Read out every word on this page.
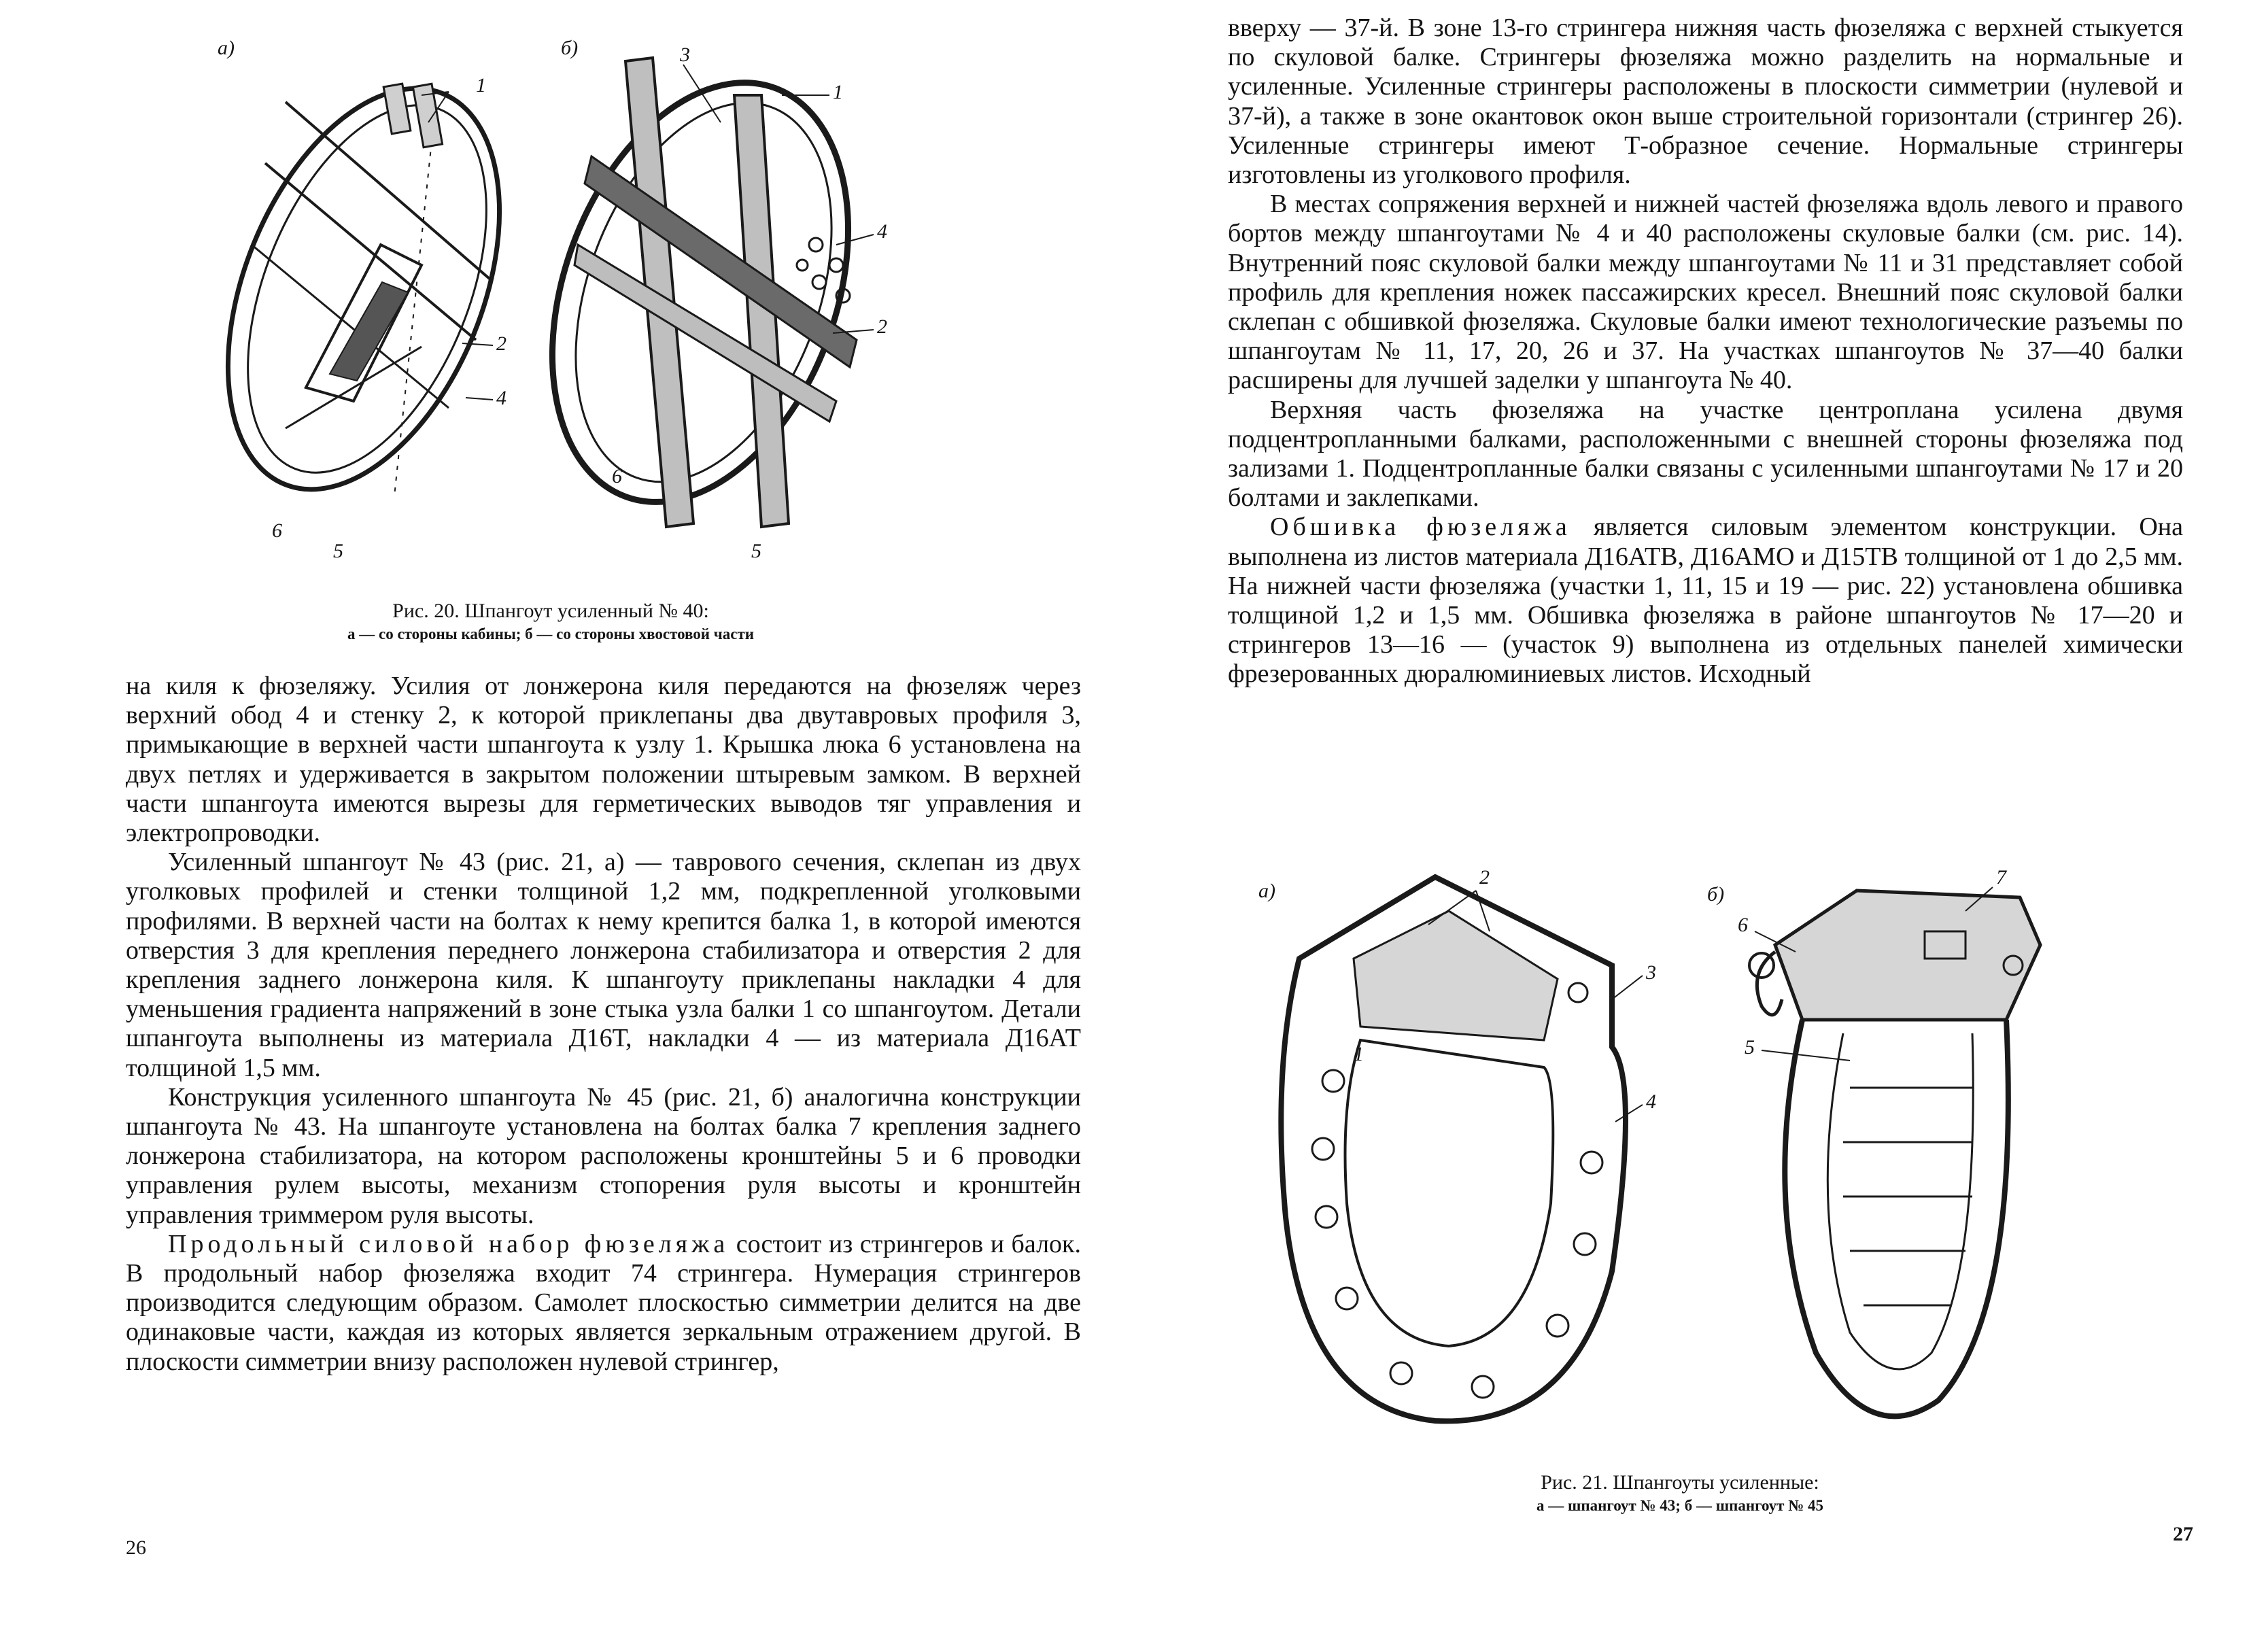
a)
1
2
4
6
5
б)	3
1
4
2
6
5
Рис. 20. Шпангоут усиленный № 40:
а — со стороны кабины; б — со стороны хвостовой части

на киля к фюзеляжу. Усилия от лонжерона киля передаются на фюзеляж через верхний обод 4 и стенку 2, к которой приклепаны два двутавровых профиля 3, примыкающие в верхней части шпангоута к узлу 1. Крышка люка 6 установлена на двух петлях и удерживается в закрытом положении штыревым замком. В верхней части шпангоута имеются вырезы для герметических выводов тяг управления и электропроводки.

Усиленный шпангоут № 43 (рис. 21, а) — таврового сечения, склепан из двух уголковых профилей и стенки толщиной 1,2 мм, подкрепленной уголковыми профилями. В верхней части на болтах к нему крепится балка 1, в которой имеются отверстия 3 для крепления переднего лонжерона стабилизатора и отверстия 2 для крепления заднего лонжерона киля. К шпангоуту приклепаны накладки 4 для уменьшения градиента напряжений в зоне стыка узла балки 1 со шпангоутом. Детали шпангоута выполнены из материала Д16Т, накладки 4 — из материала Д16АТ толщиной 1,5 мм.

Конструкция усиленного шпангоута № 45 (рис. 21, б) аналогична конструкции шпангоута № 43. На шпангоуте установлена на болтах балка 7 крепления заднего лонжерона стабилизатора, на котором расположены кронштейны 5 и 6 проводки управления рулем высоты, механизм стопорения руля высоты и кронштейн управления триммером руля высоты.

Продольный силовой набор фюзеляжа состоит из стрингеров и балок. В продольный набор фюзеляжа входит 74 стрингера. Нумерация стрингеров производится следующим образом. Самолет плоскостью симметрии делится на две одинаковые части, каждая из которых является зеркальным отражением другой. В плоскости симметрии внизу расположен нулевой стрингер,

26

вверху — 37-й. В зоне 13-го стрингера нижняя часть фюзеляжа с верхней стыкуется по скуловой балке. Стрингеры фюзеляжа можно разделить на нормальные и усиленные. Усиленные стрингеры расположены в плоскости симметрии (нулевой и 37-й), а также в зоне окантовок окон выше строительной горизонтали (стрингер 26). Усиленные стрингеры имеют Т-образное сечение. Нормальные стрингеры изготовлены из уголкового профиля.

В местах сопряжения верхней и нижней частей фюзеляжа вдоль левого и правого бортов между шпангоутами № 4 и 40 расположены скуловые балки (см. рис. 14). Внутренний пояс скуловой балки между шпангоутами № 11 и 31 представляет собой профиль для крепления ножек пассажирских кресел. Внешний пояс скуловой балки склепан с обшивкой фюзеляжа. Скуловые балки имеют технологические разъемы по шпангоутам № 11, 17, 20, 26 и 37. На участках шпангоутов № 37—40 балки расширены для лучшей заделки у шпангоута № 40.

Верхняя часть фюзеляжа на участке центроплана усилена двумя подцентропланными балками, расположенными с внешней стороны фюзеляжа под зализами 1. Подцентропланные балки связаны с усиленными шпангоутами № 17 и 20 болтами и заклепками.

Обшивка фюзеляжа является силовым элементом конструкции. Она выполнена из листов материала Д16АТВ, Д16АМО и Д15ТВ толщиной от 1 до 2,5 мм. На нижней части фюзеляжа (участки 1, 11, 15 и 19 — рис. 22) установлена обшивка толщиной 1,2 и 1,5 мм. Обшивка фюзеляжа в районе шпангоутов № 17—20 и стрингеров 13—16 — (участок 9) выполнена из отдельных панелей химически фрезерованных дюралюминиевых листов. Исходный

а)
2
3
1
4
б)
7
6
5
Рис. 21. Шпангоуты усиленные:
а — шпангоут № 43; б — шпангоут № 45
27
